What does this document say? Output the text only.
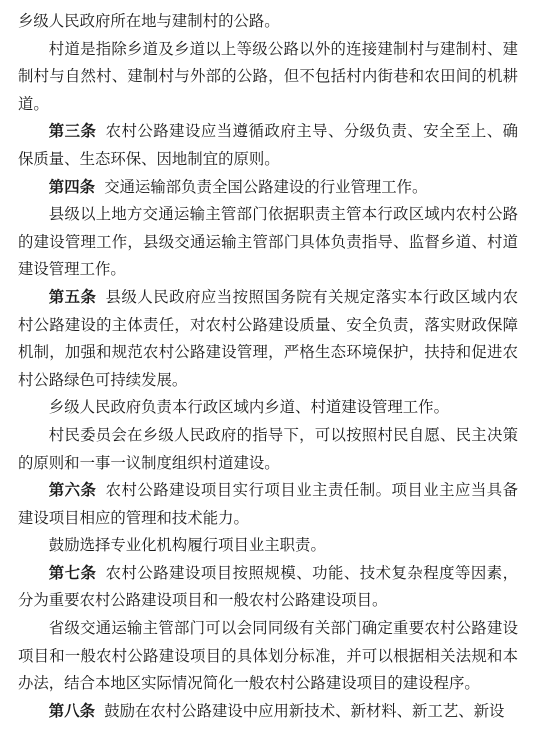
乡级人民政府所在地与建制村的公路。

村道是指除乡道及乡道以上等级公路以外的连接建制村与建制村、建制村与自然村、建制村与外部的公路，但不包括村内街巷和农田间的机耕道。

第三条 农村公路建设应当遵循政府主导、分级负责、安全至上、确保质量、生态环保、因地制宜的原则。

第四条 交通运输部负责全国公路建设的行业管理工作。

县级以上地方交通运输主管部门依据职责主管本行政区域内农村公路的建设管理工作，县级交通运输主管部门具体负责指导、监督乡道、村道建设管理工作。

第五条 县级人民政府应当按照国务院有关规定落实本行政区域内农村公路建设的主体责任，对农村公路建设质量、安全负责，落实财政保障机制，加强和规范农村公路建设管理，严格生态环境保护，扶持和促进农村公路绿色可持续发展。

乡级人民政府负责本行政区域内乡道、村道建设管理工作。

村民委员会在乡级人民政府的指导下，可以按照村民自愿、民主决策的原则和一事一议制度组织村道建设。

第六条 农村公路建设项目实行项目业主责任制。项目业主应当具备建设项目相应的管理和技术能力。

鼓励选择专业化机构履行项目业主职责。

第七条 农村公路建设项目按照规模、功能、技术复杂程度等因素，分为重要农村公路建设项目和一般农村公路建设项目。

省级交通运输主管部门可以会同同级有关部门确定重要农村公路建设项目和一般农村公路建设项目的具体划分标准，并可以根据相关法规和本办法，结合本地区实际情况简化一般农村公路建设项目的建设程序。

第八条 鼓励在农村公路建设中应用新技术、新材料、新工艺、新设
